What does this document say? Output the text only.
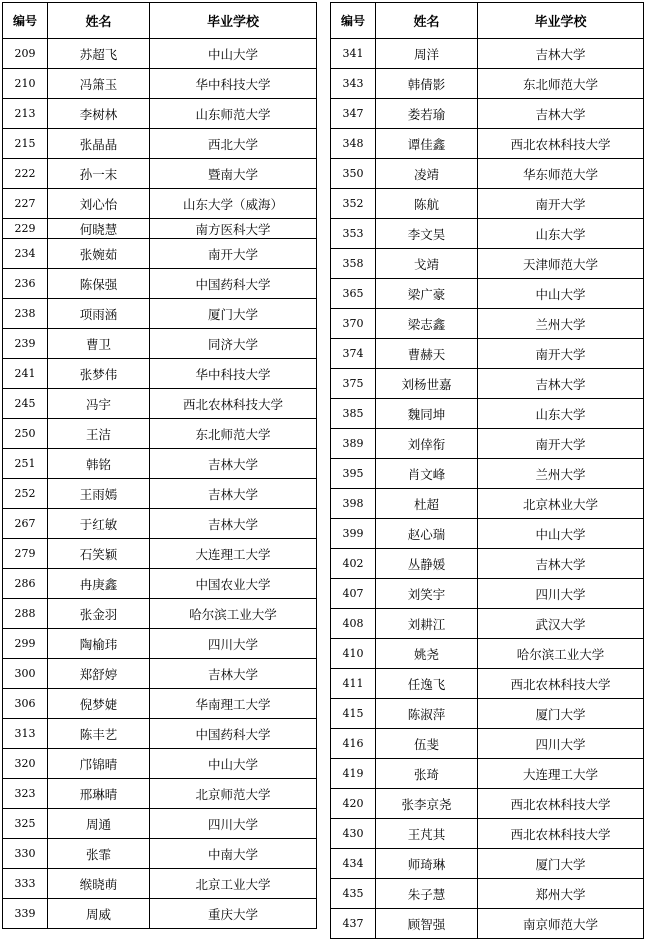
编号	姓名	毕业学校
209	苏超飞	中山大学
210	冯箫玉	华中科技大学
213	李树林	山东师范大学
215	张晶晶	西北大学
222	孙一末	暨南大学
227	刘心怡	山东大学（威海）
229	何晓慧	南方医科大学
234	张婉茹	南开大学
236	陈保强	中国药科大学
238	项雨涵	厦门大学
239	曹卫	同济大学
241	张梦伟	华中科技大学
245	冯宇	西北农林科技大学
250	王洁	东北师范大学
251	韩铭	吉林大学
252	王雨嫣	吉林大学
267	于红敏	吉林大学
279	石笑颖	大连理工大学
286	冉庚鑫	中国农业大学
288	张金羽	哈尔滨工业大学
299	陶榆玮	四川大学
300	郑舒婷	吉林大学
306	倪梦婕	华南理工大学
313	陈丰艺	中国药科大学
320	邝锦晴	中山大学
323	邢琳晴	北京师范大学
325	周通	四川大学
330	张霏	中南大学
333	缑晓萌	北京工业大学
339	周威	重庆大学
编号	姓名	毕业学校
341	周洋	吉林大学
343	韩倩影	东北师范大学
347	娄若瑜	吉林大学
348	谭佳鑫	西北农林科技大学
350	凌靖	华东师范大学
352	陈航	南开大学
353	李文昊	山东大学
358	戈靖	天津师范大学
365	梁广豪	中山大学
370	梁志鑫	兰州大学
374	曹赫天	南开大学
375	刘杨世嘉	吉林大学
385	魏同坤	山东大学
389	刘倖衔	南开大学
395	肖文峰	兰州大学
398	杜超	北京林业大学
399	赵心瑞	中山大学
402	丛静媛	吉林大学
407	刘笑宇	四川大学
408	刘耕江	武汉大学
410	姚尧	哈尔滨工业大学
411	任逸飞	西北农林科技大学
415	陈淑萍	厦门大学
416	伍斐	四川大学
419	张琦	大连理工大学
420	张李京尧	西北农林科技大学
430	王芃其	西北农林科技大学
434	师琦琳	厦门大学
435	朱子慧	郑州大学
437	顾智强	南京师范大学
